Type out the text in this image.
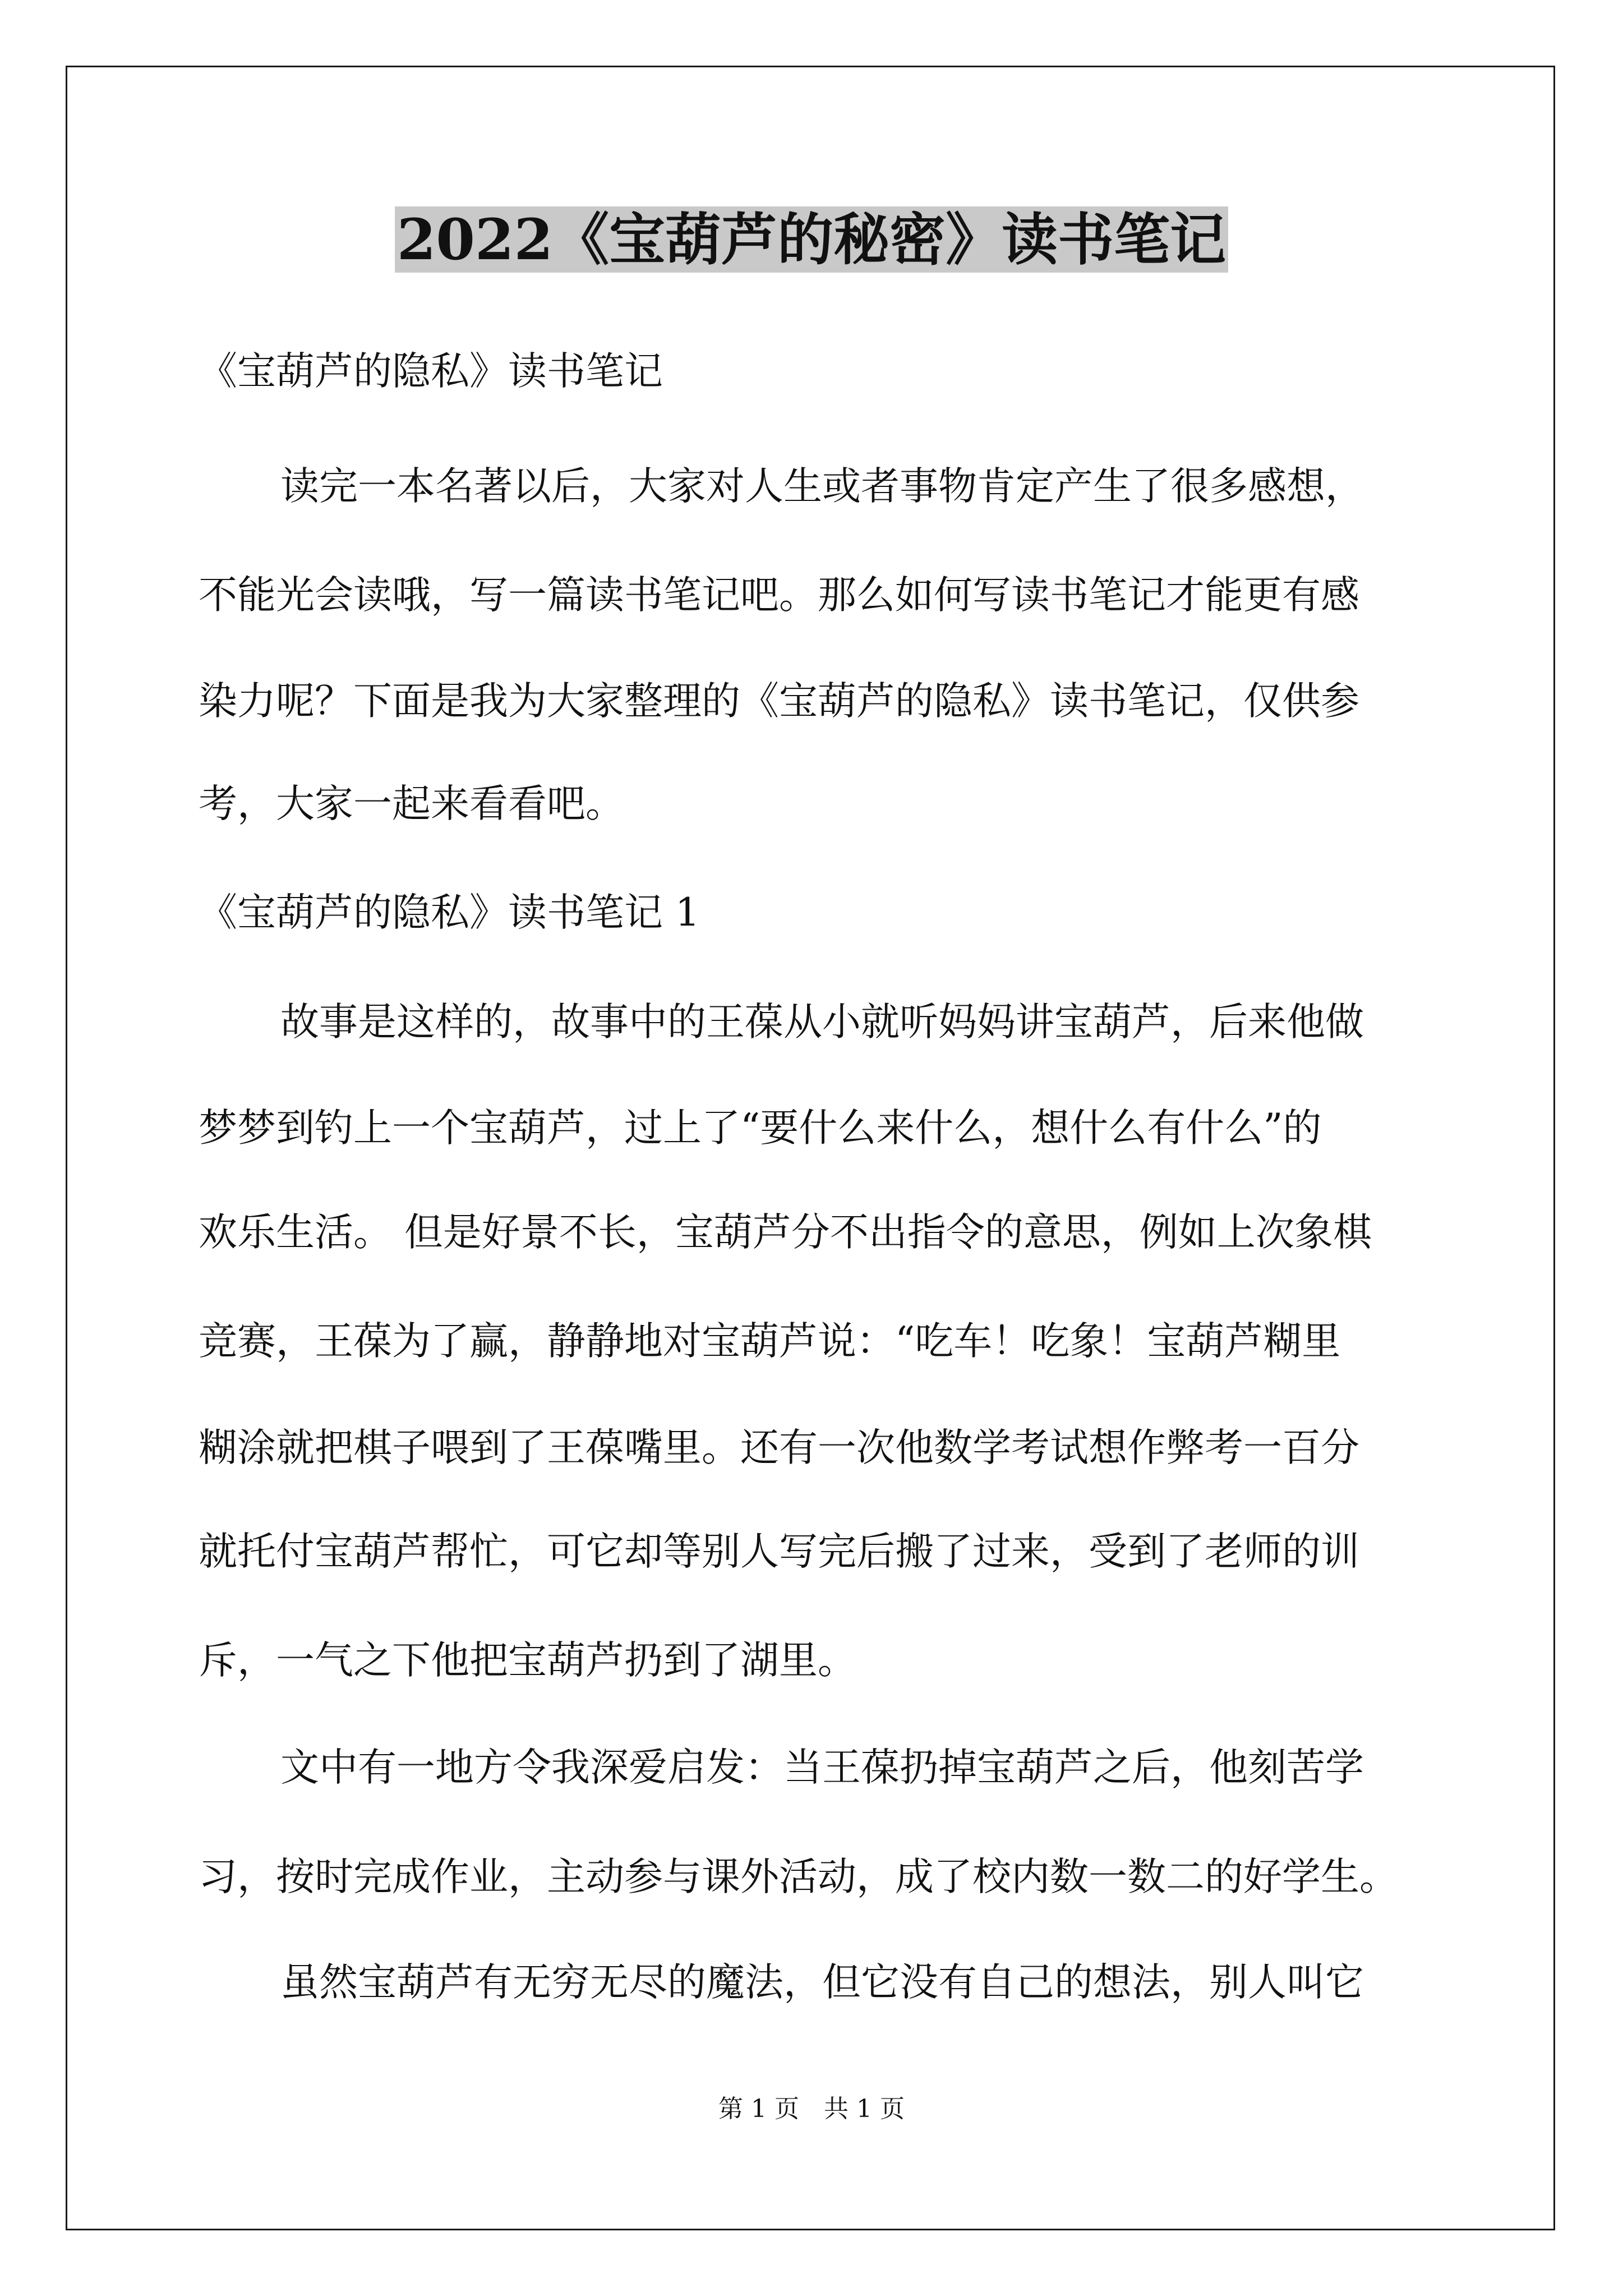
2022《宝葫芦的秘密》读书笔记

《宝葫芦的隐私》读书笔记

读完一本名著以后，大家对人生或者事物肯定产生了很多感想，

不能光会读哦，写一篇读书笔记吧。那么如何写读书笔记才能更有感

染力呢？下面是我为大家整理的《宝葫芦的隐私》读书笔记，仅供参

考，大家一起来看看吧。

《宝葫芦的隐私》读书笔记 1

故事是这样的，故事中的王葆从小就听妈妈讲宝葫芦，后来他做

梦梦到钓上一个宝葫芦，过上了“要什么来什么，想什么有什么”的

欢乐生活。 但是好景不长，宝葫芦分不出指令的意思，例如上次象棋

竞赛，王葆为了赢，静静地对宝葫芦说：“吃车！吃象！宝葫芦糊里

糊涂就把棋子喂到了王葆嘴里。还有一次他数学考试想作弊考一百分

就托付宝葫芦帮忙，可它却等别人写完后搬了过来，受到了老师的训

斥，一气之下他把宝葫芦扔到了湖里。

文中有一地方令我深爱启发：当王葆扔掉宝葫芦之后，他刻苦学

习，按时完成作业，主动参与课外活动，成了校内数一数二的好学生。

虽然宝葫芦有无穷无尽的魔法，但它没有自己的想法，别人叫它

第 1 页　共 1 页
